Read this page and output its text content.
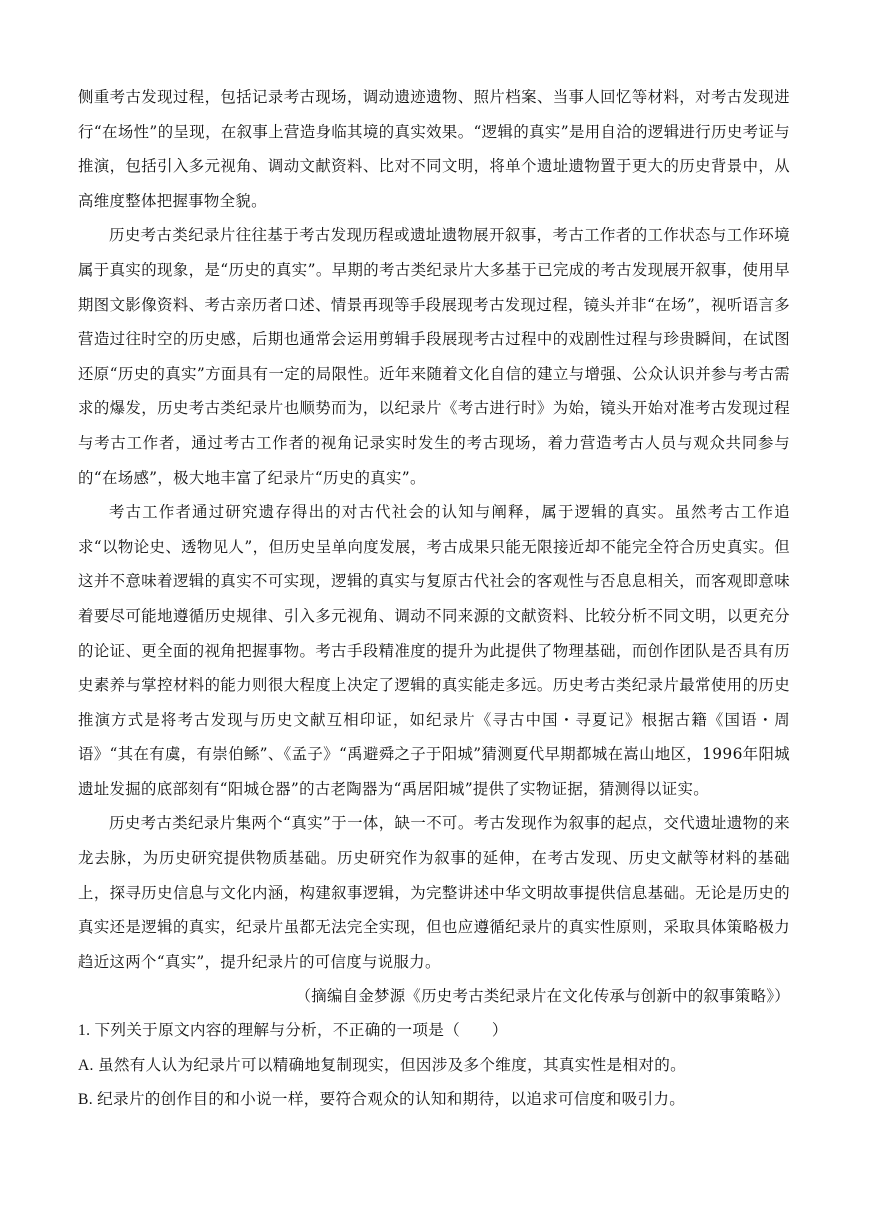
侧重考古发现过程，包括记录考古现场，调动遗迹遗物、照片档案、当事人回忆等材料，对考古发现进行“在场性”的呈现，在叙事上营造身临其境的真实效果。“逻辑的真实”是用自洽的逻辑进行历史考证与推演，包括引入多元视角、调动文献资料、比对不同文明，将单个遗址遗物置于更大的历史背景中，从高维度整体把握事物全貌。

历史考古类纪录片往往基于考古发现历程或遗址遗物展开叙事，考古工作者的工作状态与工作环境属于真实的现象，是“历史的真实”。早期的考古类纪录片大多基于已完成的考古发现展开叙事，使用早期图文影像资料、考古亲历者口述、情景再现等手段展现考古发现过程，镜头并非“在场”，视听语言多营造过往时空的历史感，后期也通常会运用剪辑手段展现考古过程中的戏剧性过程与珍贵瞬间，在试图还原“历史的真实”方面具有一定的局限性。近年来随着文化自信的建立与增强、公众认识并参与考古需求的爆发，历史考古类纪录片也顺势而为，以纪录片《考古进行时》为始，镜头开始对准考古发现过程与考古工作者，通过考古工作者的视角记录实时发生的考古现场，着力营造考古人员与观众共同参与的“在场感”，极大地丰富了纪录片“历史的真实”。

考古工作者通过研究遗存得出的对古代社会的认知与阐释，属于逻辑的真实。虽然考古工作追求“以物论史、透物见人”，但历史呈单向度发展，考古成果只能无限接近却不能完全符合历史真实。但这并不意味着逻辑的真实不可实现，逻辑的真实与复原古代社会的客观性与否息息相关，而客观即意味着要尽可能地遵循历史规律、引入多元视角、调动不同来源的文献资料、比较分析不同文明，以更充分的论证、更全面的视角把握事物。考古手段精准度的提升为此提供了物理基础，而创作团队是否具有历史素养与掌控材料的能力则很大程度上决定了逻辑的真实能走多远。历史考古类纪录片最常使用的历史推演方式是将考古发现与历史文献互相印证，如纪录片《寻古中国・寻夏记》根据古籍《国语・周语》“其在有虞，有崇伯鲧”、《孟子》“禹避舜之子于阳城”猜测夏代早期都城在嵩山地区，1996年阳城遗址发掘的底部刻有“阳城仓器”的古老陶器为“禹居阳城”提供了实物证据，猜测得以证实。

历史考古类纪录片集两个“真实”于一体，缺一不可。考古发现作为叙事的起点，交代遗址遗物的来龙去脉，为历史研究提供物质基础。历史研究作为叙事的延伸，在考古发现、历史文献等材料的基础上，探寻历史信息与文化内涵，构建叙事逻辑，为完整讲述中华文明故事提供信息基础。无论是历史的真实还是逻辑的真实，纪录片虽都无法完全实现，但也应遵循纪录片的真实性原则，采取具体策略极力趋近这两个“真实”，提升纪录片的可信度与说服力。

（摘编自金梦源《历史考古类纪录片在文化传承与创新中的叙事策略》）

1. 下列关于原文内容的理解与分析，不正确的一项是（　　）

A. 虽然有人认为纪录片可以精确地复制现实，但因涉及多个维度，其真实性是相对的。

B. 纪录片的创作目的和小说一样，要符合观众的认知和期待，以追求可信度和吸引力。
